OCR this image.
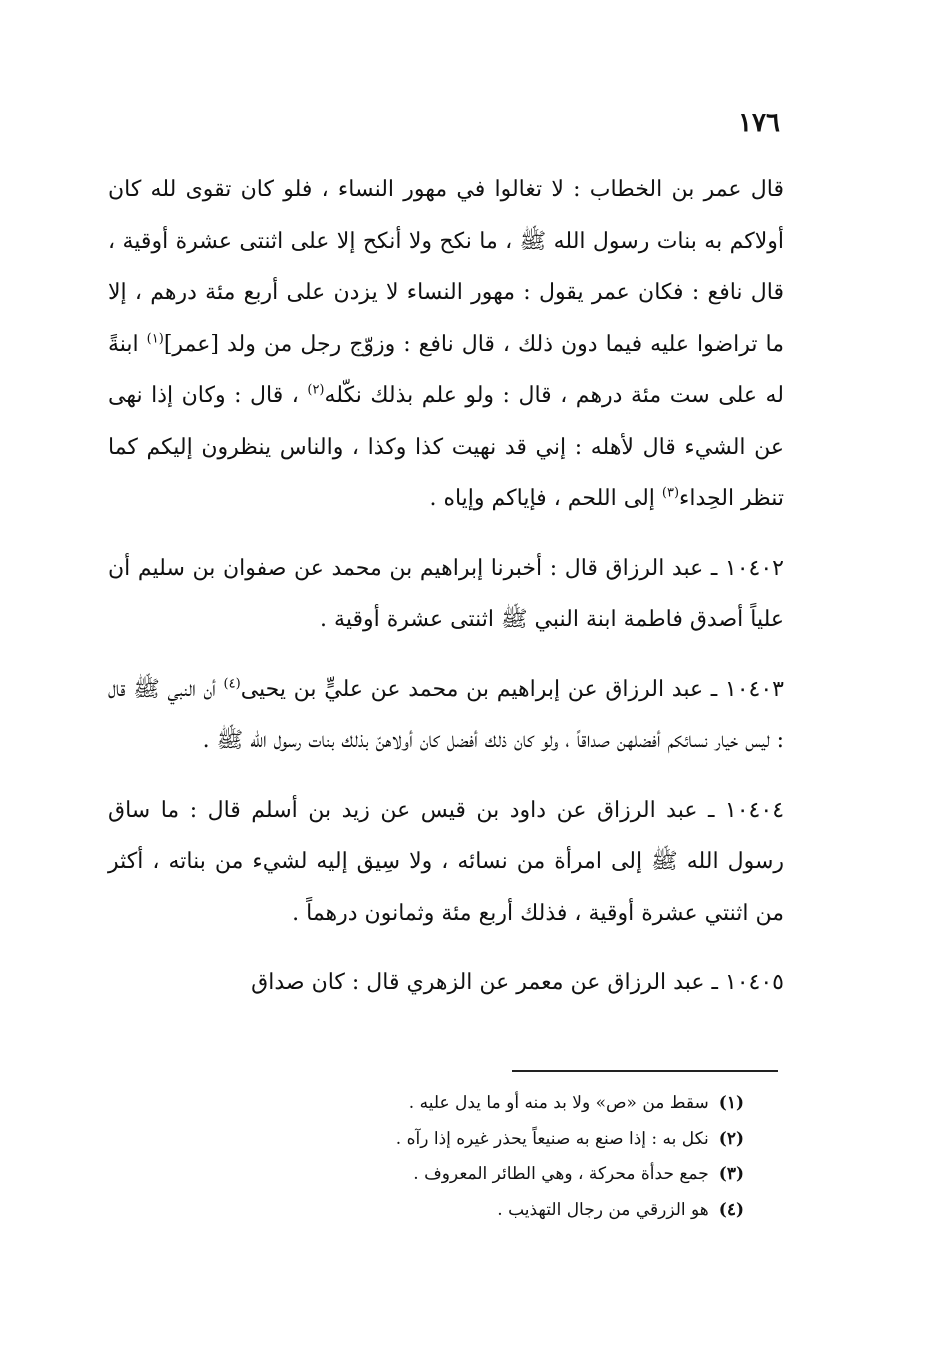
١٧٦

قال عمر بن الخطاب : لا تغالوا في مهور النساء ، فلو كان تقوى لله كان أولاكم به بنات رسول الله ﷺ ، ما نكح ولا أنكح إلا على اثنتى عشرة أوقية ، قال نافع : فكان عمر يقول : مهور النساء لا يزدن على أربع مئة درهم ، إلا ما تراضوا عليه فيما دون ذلك ، قال نافع : وزوّج رجل من ولد [عمر]$^{(١)}$ ابنةً له على ست مئة درهم ، قال : ولو علم بذلك نكّله$^{(٢)}$ ، قال : وكان إذا نهى عن الشيء قال لأهله : إني قد نهيت كذا وكذا ، والناس ينظرون إليكم كما تنظر الحِداء$^{(٣)}$ إلى اللحم ، فإياكم وإياه .

١٠٤٠٢ ـ عبد الرزاق قال : أخبرنا إبراهيم بن محمد عن صفوان بن سليم أن علياً أصدق فاطمة ابنة النبي ﷺ اثنتى عشرة أوقية .

١٠٤٠٣ ـ عبد الرزاق عن إبراهيم بن محمد عن عليٍّ بن يحيى$^{(٤)}$ أن النبي ﷺ قال : ليس خيار نسائكم أفضلهن صداقاً ، ولو كان ذلك أفضل كان أولاهنّ بذلك بنات رسول الله ﷺ .

١٠٤٠٤ ـ عبد الرزاق عن داود بن قيس عن زيد بن أسلم قال : ما ساق رسول الله ﷺ إلى امرأة من نسائه ، ولا سِيق إليه لشيء من بناته ، أكثر من اثنتي عشرة أوقية ، فذلك أربع مئة وثمانون درهماً .

١٠٤٠٥ ـ عبد الرزاق عن معمر عن الزهري قال : كان صداق

(١)سقط من «ص» ولا بد منه أو ما يدل عليه .

(٢)نكل به : إذا صنع به صنيعاً يحذر غيره إذا رآه .

(٣)جمع حدأة محركة ، وهي الطائر المعروف .

(٤)هو الزرقي من رجال التهذيب .
